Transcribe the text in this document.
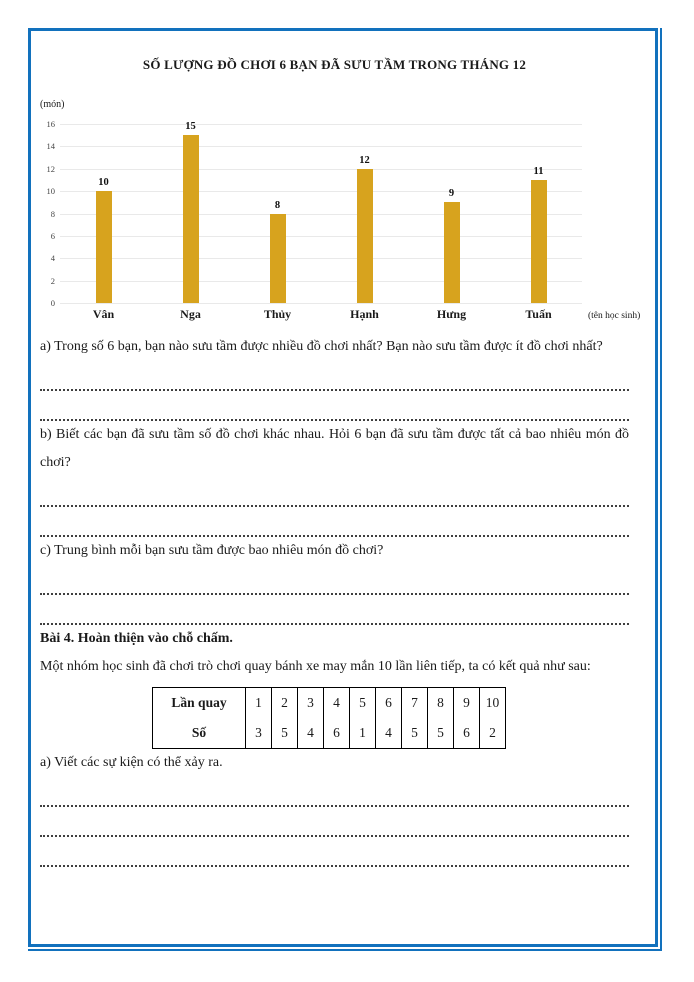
SỐ LƯỢNG ĐỒ CHƠI 6 BẠN ĐÃ SƯU TẦM TRONG THÁNG 12
(món)
0
2
4
6
8
10
12
14
16
10
15
8
12
9
11
Vân	Nga	Thủy	Hạnh	Hưng	Tuấn	(tên học sinh)

a) Trong số 6 bạn, bạn nào sưu tầm được nhiều đồ chơi nhất? Bạn nào sưu tầm được ít đồ chơi nhất?

b) Biết các bạn đã sưu tầm số đồ chơi khác nhau. Hỏi 6 bạn đã sưu tầm được tất cả bao nhiêu món đồ chơi?

c) Trung bình mỗi bạn sưu tầm được bao nhiêu món đồ chơi?

Bài 4. Hoàn thiện vào chỗ chấm.

Một nhóm học sinh đã chơi trò chơi quay bánh xe may mắn 10 lần liên tiếp, ta có kết quả như sau:

Lần quay	1	2	3	4	5	6	7	8	9	10
Số	3	5	4	6	1	4	5	5	6	2

a) Viết các sự kiện có thể xảy ra.
